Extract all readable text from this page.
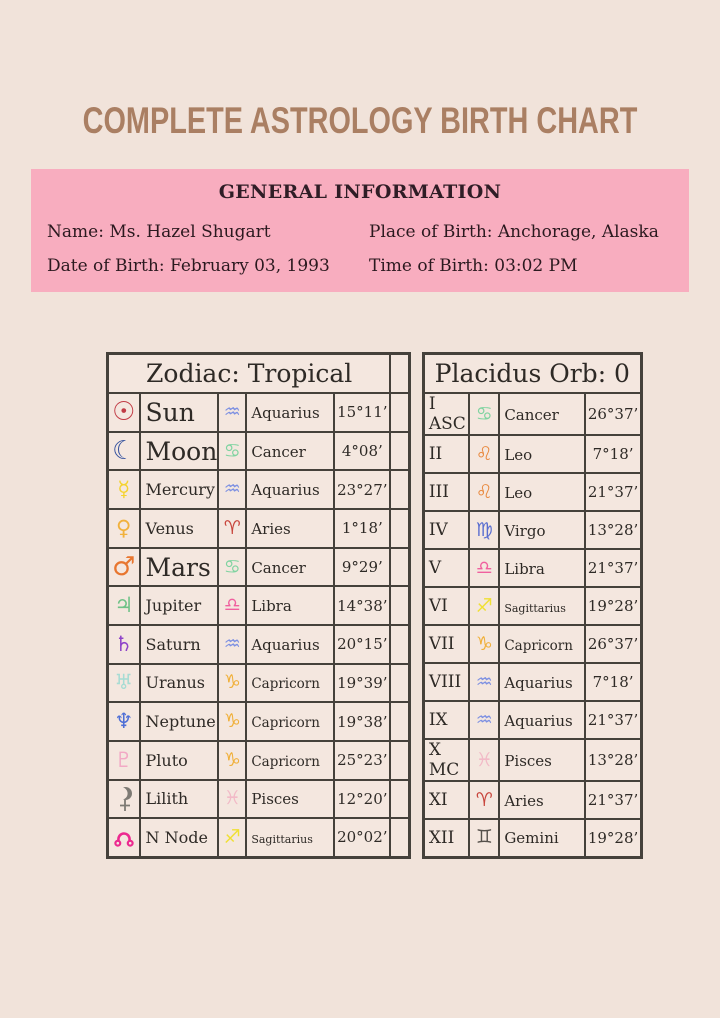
COMPLETE ASTROLOGY BIRTH CHART
GENERAL INFORMATION
Name: Ms. Hazel Shugart	Place of Birth: Anchorage, Alaska
Date of Birth: February 03, 1993	Time of Birth: 03:02 PM
Zodiac: Tropical					
☉	Sun	♒	Aquarius	15°11’	
☾	Moon	♋	Cancer	4°08’	
☿	Mercury	♒	Aquarius	23°27’	
♀	Venus	♈	Aries	1°18’	
♂	Mars	♋	Cancer	9°29’	
♃	Jupiter	♎	Libra	14°38’	
♄	Saturn	♒	Aquarius	20°15’	
♅	Uranus	♑	Capricorn	19°39’	
♆	Neptune	♑	Capricorn	19°38’	
♇	Pluto	♑	Capricorn	25°23’	
	Lilith	♓	Pisces	12°20’	
	N Node	♐	Sagittarius	20°02’	
Placidus Orb: 0			
I ASC	♋	Cancer	26°37’
II	♌	Leo	7°18’
III	♌	Leo	21°37’
IV	♍	Virgo	13°28’
V	♎	Libra	21°37’
VI	♐	Sagittarius	19°28’
VII	♑	Capricorn	26°37’
VIII	♒	Aquarius	7°18’
IX	♒	Aquarius	21°37’
X MC	♓	Pisces	13°28’
XI	♈	Aries	21°37’
XII	♊	Gemini	19°28’
